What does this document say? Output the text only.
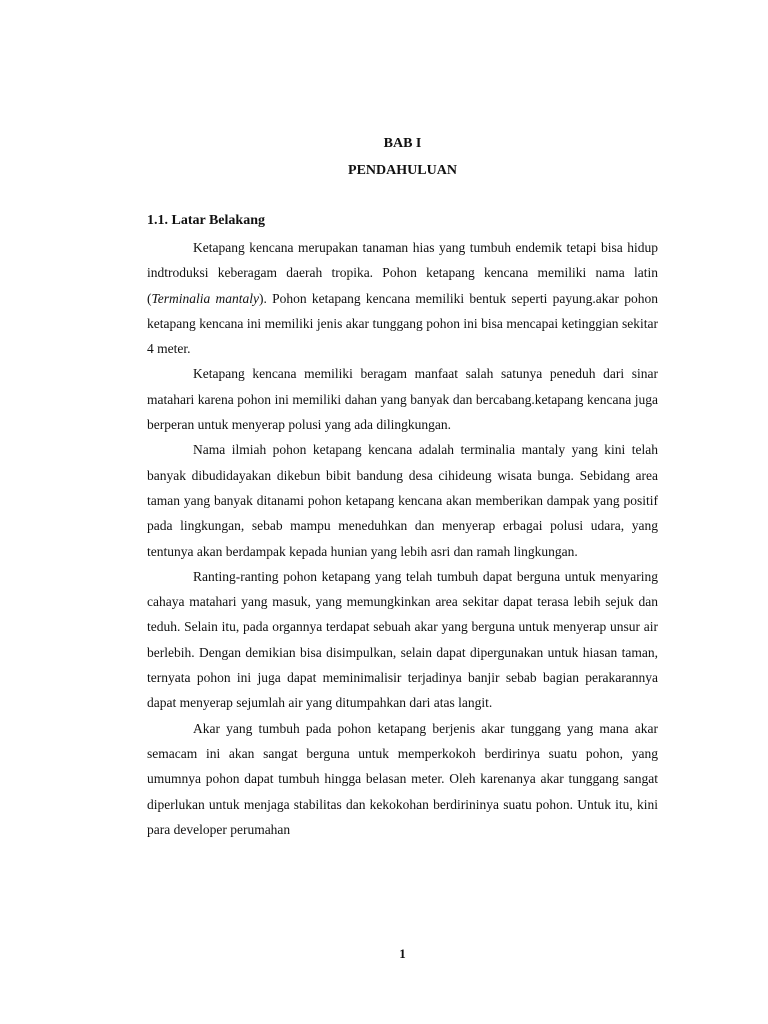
BAB I
PENDAHULUAN
1.1. Latar Belakang

Ketapang kencana merupakan tanaman hias yang tumbuh endemik tetapi bisa hidup indtroduksi keberagam daerah tropika. Pohon ketapang kencana memiliki nama latin (Terminalia mantaly). Pohon ketapang kencana memiliki bentuk seperti payung.akar pohon ketapang kencana ini memiliki jenis akar tunggang pohon ini bisa mencapai ketinggian sekitar 4 meter.

Ketapang kencana memiliki beragam manfaat salah satunya peneduh dari sinar matahari karena pohon ini memiliki dahan yang banyak dan bercabang.ketapang kencana juga berperan untuk menyerap polusi yang ada dilingkungan.

Nama ilmiah pohon ketapang kencana adalah terminalia mantaly yang kini telah banyak dibudidayakan dikebun bibit bandung desa cihideung wisata bunga. Sebidang area taman yang banyak ditanami pohon ketapang kencana akan memberikan dampak yang positif pada lingkungan, sebab mampu meneduhkan dan menyerap erbagai polusi udara, yang tentunya akan berdampak kepada hunian yang lebih asri dan ramah lingkungan.

Ranting-ranting pohon ketapang yang telah tumbuh dapat berguna untuk menyaring cahaya matahari yang masuk, yang memungkinkan area sekitar dapat terasa lebih sejuk dan teduh. Selain itu, pada organnya terdapat sebuah akar yang berguna untuk menyerap unsur air berlebih. Dengan demikian bisa disimpulkan, selain dapat dipergunakan untuk hiasan taman, ternyata pohon ini juga dapat meminimalisir terjadinya banjir sebab bagian perakarannya dapat menyerap sejumlah air yang ditumpahkan dari atas langit.

Akar yang tumbuh pada pohon ketapang berjenis akar tunggang yang mana akar semacam ini akan sangat berguna untuk memperkokoh berdirinya suatu pohon, yang umumnya pohon dapat tumbuh hingga belasan meter. Oleh karenanya akar tunggang sangat diperlukan untuk menjaga stabilitas dan kekokohan berdirininya suatu pohon. Untuk itu, kini para developer perumahan

1
